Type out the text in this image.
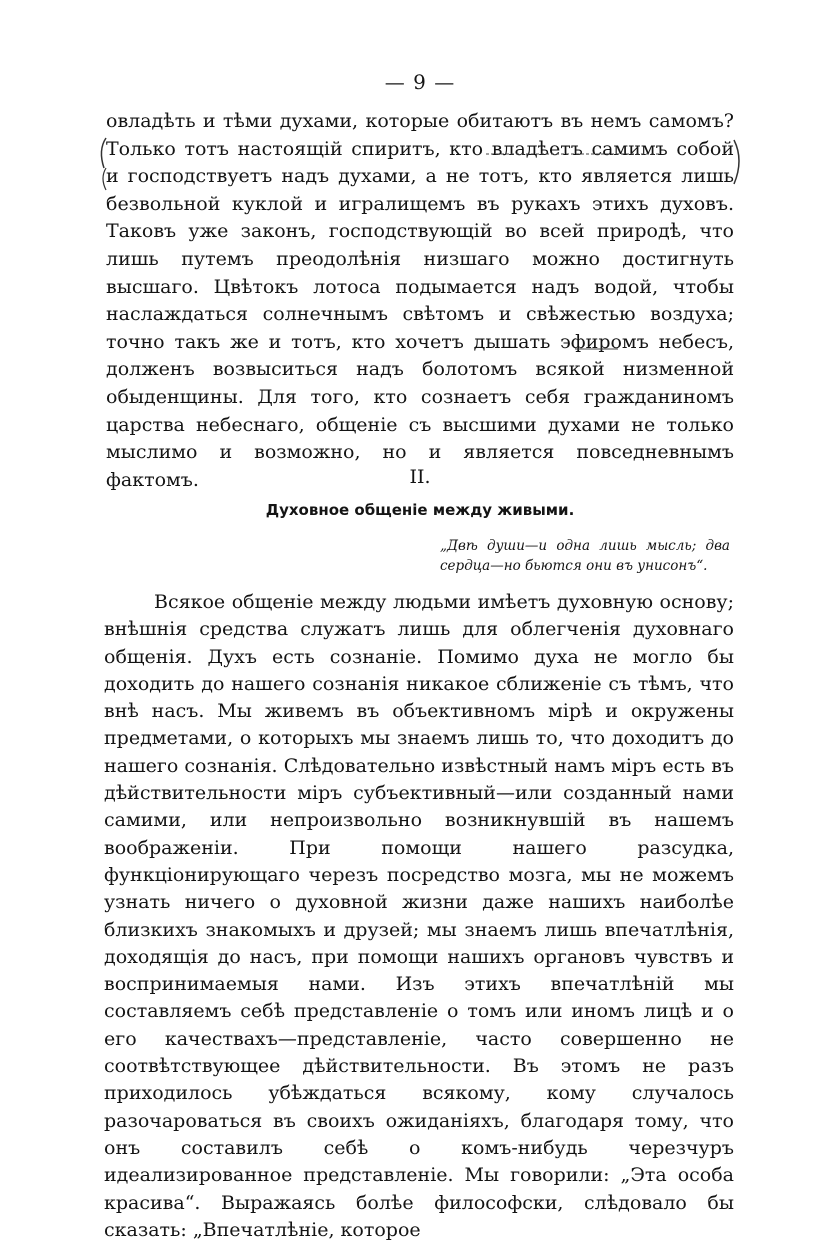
— 9 —

овладѣть и тѣми духами, которые обитаютъ въ немъ самомъ? Только тотъ настоящій спиритъ, кто владѣетъ самимъ собой и господствуетъ надъ духами, а не тотъ, кто является лишь безвольной куклой и игралищемъ въ рукахъ этихъ духовъ. Таковъ уже законъ, господствующій во всей природѣ, что лишь путемъ преодолѣнія низшаго можно достигнуть высшаго. Цвѣтокъ лотоса подымается надъ водой, чтобы наслаждаться солнечнымъ свѣтомъ и свѣжестью воздуха; точно такъ же и тотъ, кто хочетъ дышать эфиромъ небесъ, долженъ возвыситься надъ болотомъ всякой низменной обыденщины. Для того, кто сознаетъ себя гражданиномъ царства небеснаго, общеніе съ высшими духами не только мыслимо и возможно, но и является повседневнымъ фактомъ.	II.
Духовное общеніе между живыми.
„Двѣ души—и одна лишь мысль; два сердца—но бьются они въ унисонъ“.

Всякое общеніе между людьми имѣетъ духовную основу; внѣшнія средства служатъ лишь для облегченія духовнаго общенія. Духъ есть сознаніе. Помимо духа не могло бы доходить до нашего сознанія никакое сближеніе съ тѣмъ, что внѣ насъ. Мы живемъ въ объективномъ мірѣ и окружены предметами, о которыхъ мы знаемъ лишь то, что доходитъ до нашего сознанія. Слѣдовательно извѣстный намъ міръ есть въ дѣйствительности міръ субъективный—или созданный нами самими, или непроизвольно возникнувшій въ нашемъ воображеніи. При помощи нашего разсудка, функціонирующаго черезъ посредство мозга, мы не можемъ узнать ничего о духовной жизни даже нашихъ наиболѣе близкихъ знакомыхъ и друзей; мы знаемъ лишь впечатлѣнія, доходящія до насъ, при помощи нашихъ органовъ чувствъ и воспринимаемыя нами. Изъ этихъ впечатлѣній мы составляемъ себѣ представленіе о томъ или иномъ лицѣ и о его качествахъ—представленіе, часто совершенно не соотвѣтствующее дѣйствительности. Въ этомъ не разъ приходилось убѣждаться всякому, кому случалось разочароваться въ своихъ ожиданіяхъ, благодаря тому, что онъ составилъ себѣ о комъ-нибудь черезчуръ идеализированное представленіе. Мы говорили: „Эта особа красива“. Выражаясь болѣе философски, слѣдовало бы сказать: „Впечатлѣніе, которое
